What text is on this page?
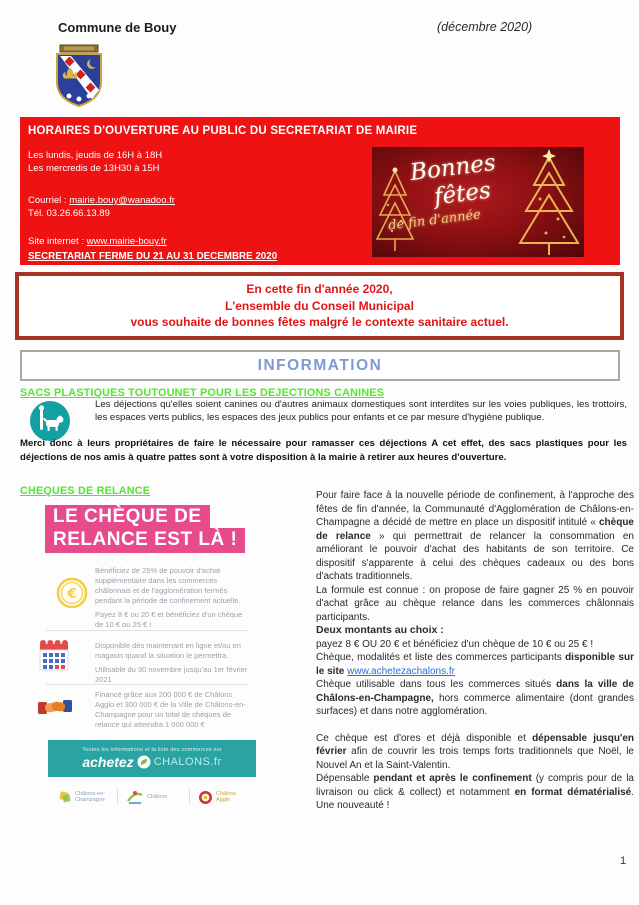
Commune de Bouy	(décembre 2020)
HORAIRES D'OUVERTURE AU PUBLIC DU SECRETARIAT DE MAIRIE
Les lundis, jeudis de 16H à 18H
Les mercredis de 13H30 à 15H
Courriel : mairie.bouy@wanadoo.fr
Tél. 03.26.66.13.89
Site internet : www.mairie-bouy.fr
SECRETARIAT FERME DU 21 AU 31 DECEMBRE 2020
Bonnes
fêtes
de fin d'année

En cette fin d'année 2020,

L'ensemble du Conseil Municipal

vous souhaite de bonnes fêtes malgré le contexte sanitaire actuel.

INFORMATION
SACS PLASTIQUES TOUTOUNET POUR LES DEJECTIONS CANINES
Les déjections qu'elles soient canines ou d'autres animaux domestiques sont interdites sur les voies publiques, les trottoirs, les espaces verts publics, les espaces des jeux publics pour enfants et ce par mesure d'hygiène publique.
Merci donc à leurs propriétaires de faire le nécessaire pour ramasser ces déjections A cet effet, des sacs plastiques pour les déjections de nos amis à quatre pattes sont à votre disposition à la mairie à retirer aux heures d'ouverture.
CHEQUES DE RELANCE
LE CHÈQUE DE
RELANCE EST LÀ !
€

Bénéficiez de 25% de pouvoir d'achat supplémentaire dans les commerces châlonnais et de l'agglomération fermés pendant la période de confinement actuelle.

Payez 8 € ou 20 € et bénéficiez d'un chèque de 10 € ou 25 € !

Disponible dès maintenant en ligne et/ou en magasin quand la situation le permettra.

Utilisable du 30 novembre jusqu'au 1er février 2021

Financé grâce aux 200 000 € de Châlons Agglo et 300 000 € de la Ville de Châlons-en-Champagne pour un total de chèques de relance qui atteindra 1 000 000 €

Toutes les informations et la liste des commerces sur
achetez CHALONS.fr
Châlons-en-Champagne	Châlons	Châlons Agglo

Pour faire face à la nouvelle période de confinement, à l'approche des fêtes de fin d'année, la Communauté d'Agglomération de Châlons-en-Champagne a décidé de mettre en place un dispositif intitulé « chèque de relance » qui permettrait de relancer la consommation en améliorant le pouvoir d'achat des habitants de son territoire. Ce dispositif s'apparente à celui des chèques cadeaux ou des bons d'achats traditionnels.

La formule est connue : on propose de faire gagner 25 % en pouvoir d'achat grâce au chèque relance dans les commerces châlonnais participants.

Deux montants au choix :

payez 8 € OU 20 € et bénéficiez d'un chèque de 10 € ou 25 € !

Chèque, modalités et liste des commerces participants disponible sur le site www.achetezachalons.fr

Chèque utilisable dans tous les commerces situés dans la ville de Châlons-en-Champagne, hors commerce alimentaire (dont grandes surfaces) et dans notre agglomération.

Ce chèque est d'ores et déjà disponible et dépensable jusqu'en février afin de couvrir les trois temps forts traditionnels que Noël, le Nouvel An et la Saint-Valentin.

Dépensable pendant et après le confinement (y compris pour de la livraison ou click & collect) et notamment en format dématérialisé. Une nouveauté !

1
